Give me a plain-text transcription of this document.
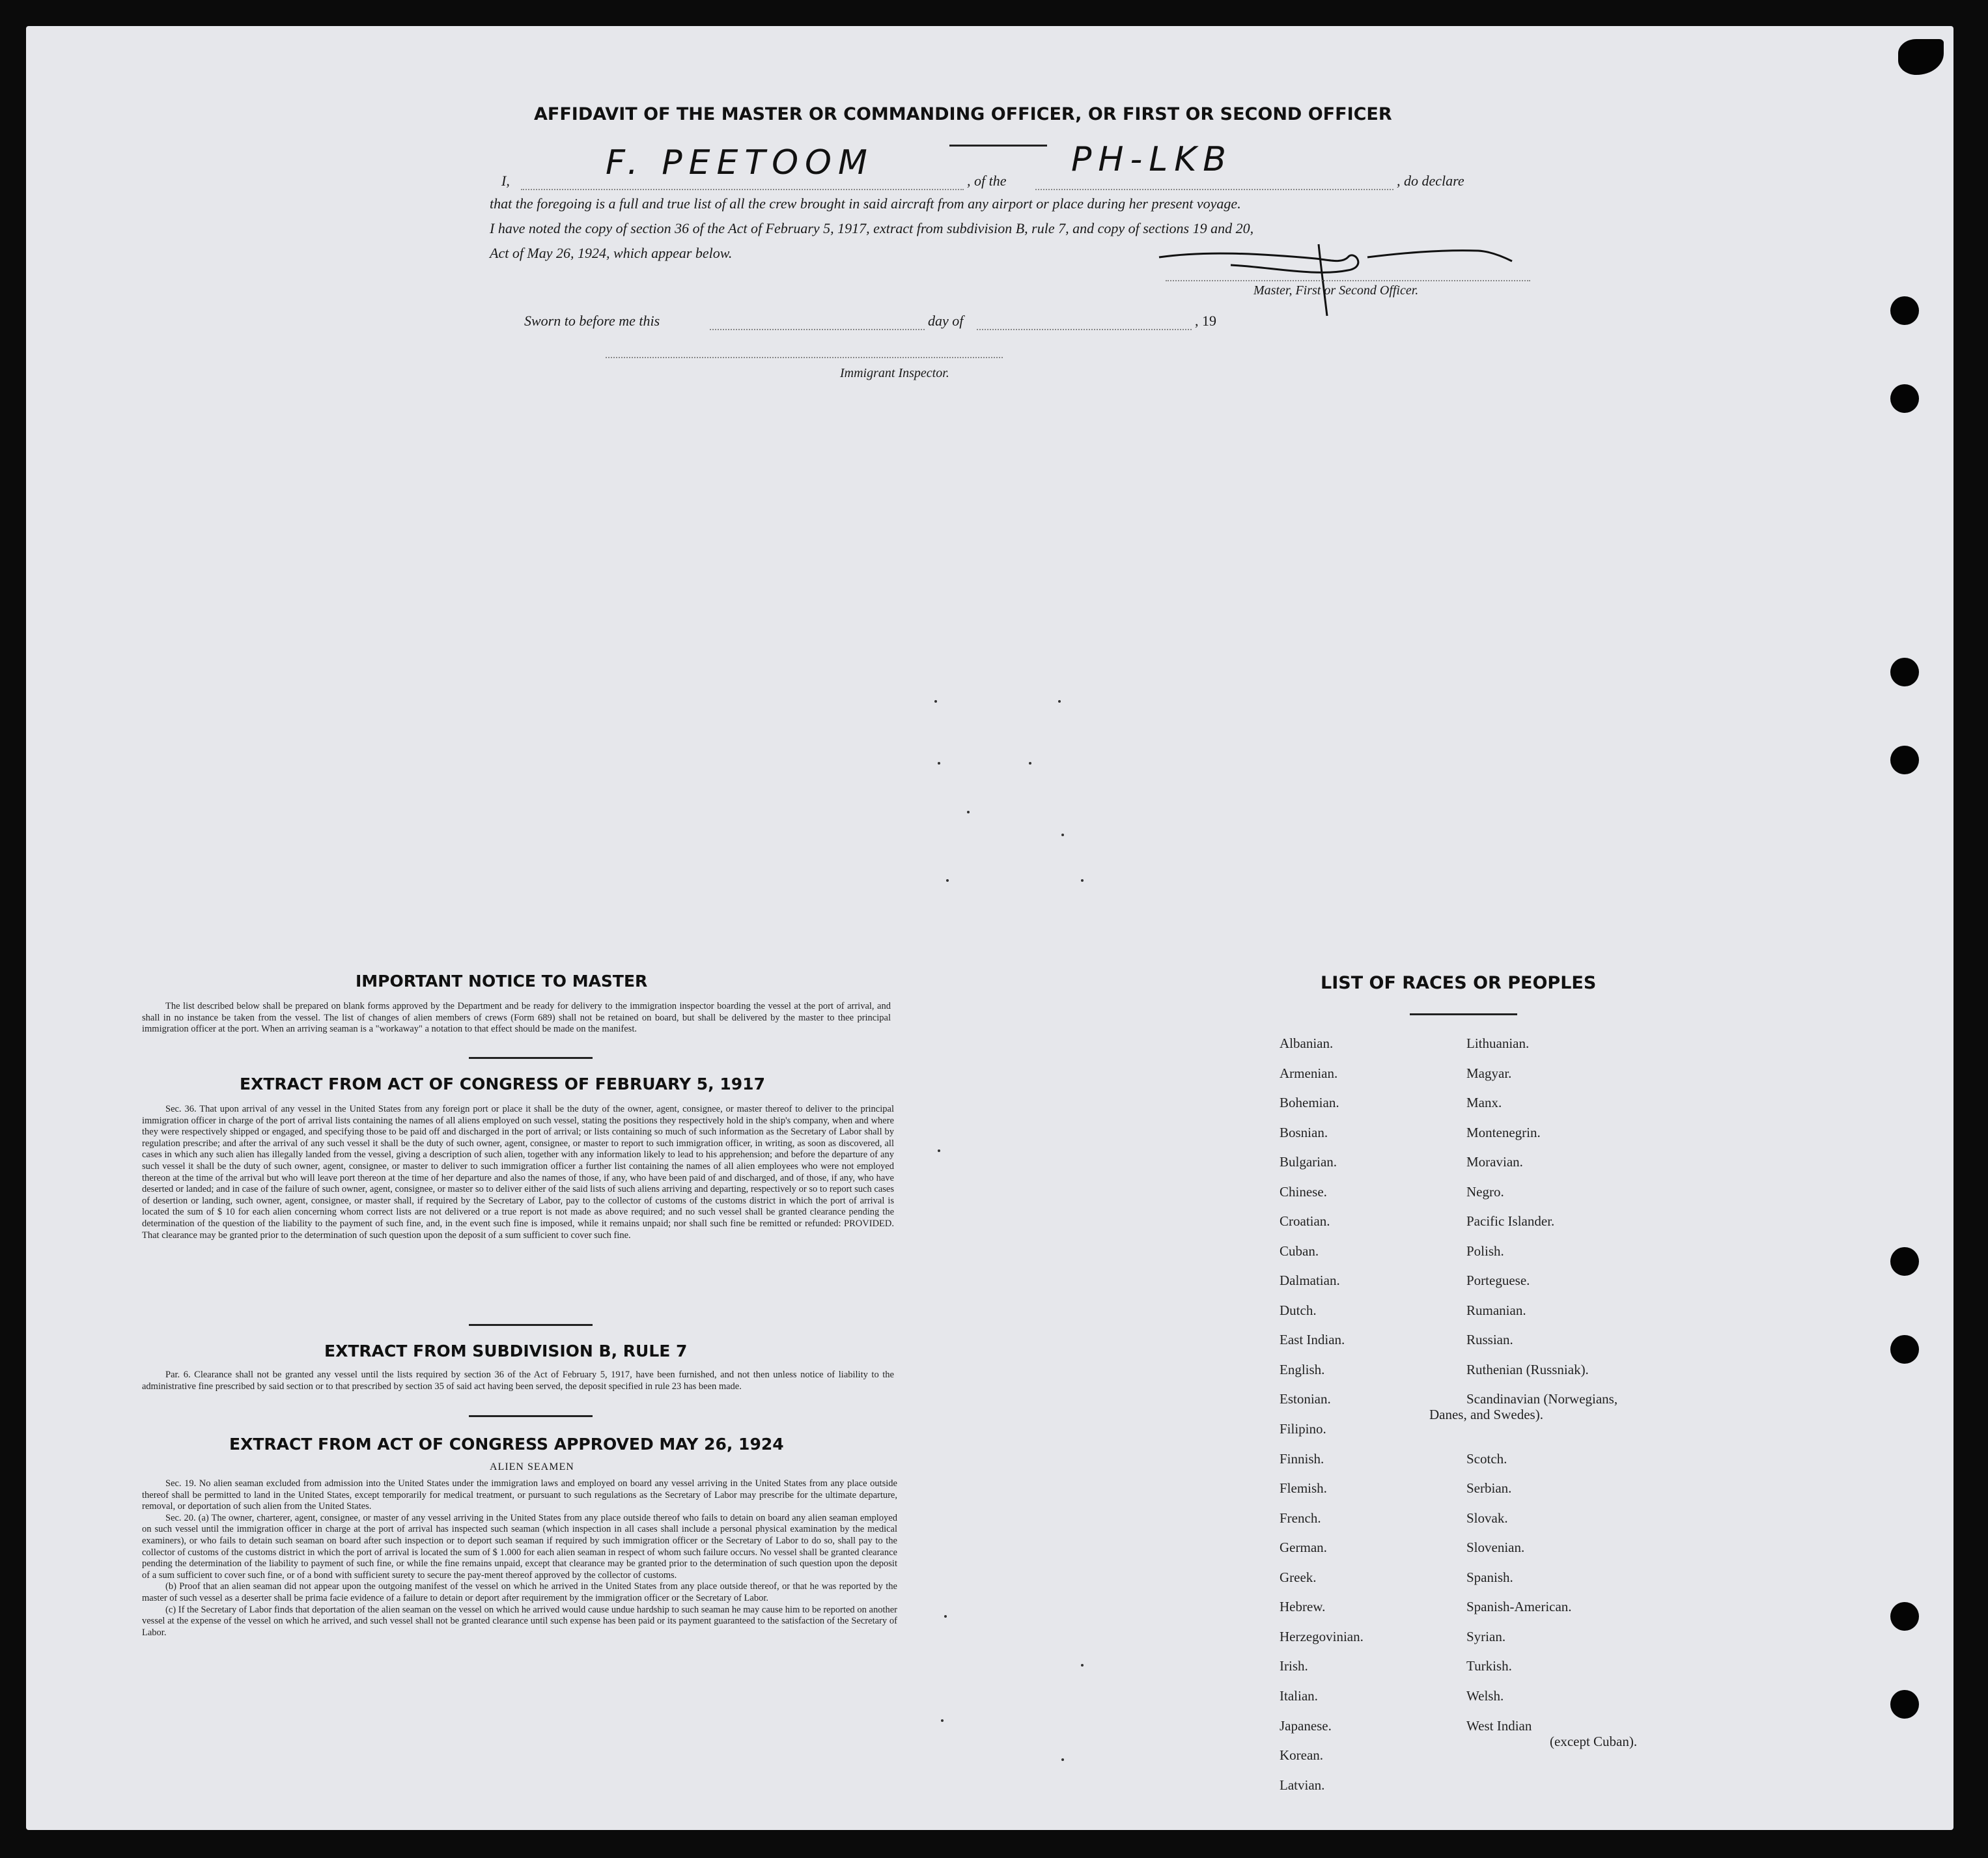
AFFIDAVIT OF THE MASTER OR COMMANDING OFFICER, OR FIRST OR SECOND OFFICER
I,	F. PEETOOM	, of the
PH-LKB
, do declare
that the foregoing is a full and true list of all the crew brought in said aircraft from any airport or place during her present voyage.
I have noted the copy of section 36 of the Act of February 5, 1917, extract from subdivision B, rule 7, and copy of sections 19 and 20,
Act of May 26, 1924, which appear below.
Master, First or Second Officer.
Sworn to before me this	day of	, 19
Immigrant Inspector.
IMPORTANT NOTICE TO MASTER

The list described below shall be prepared on blank forms approved by the Department and be ready for delivery to the immigration inspector boarding the vessel at the port of arrival, and shall in no instance be taken from the vessel. The list of changes of alien members of crews (Form 689) shall not be retained on board, but shall be delivered by the master to thee principal immigration officer at the port. When an arriving seaman is a "workaway" a notation to that effect should be made on the manifest.

EXTRACT FROM ACT OF CONGRESS OF FEBRUARY 5, 1917

Sec. 36. That upon arrival of any vessel in the United States from any foreign port or place it shall be the duty of the owner, agent, consignee, or master thereof to deliver to the principal immigration officer in charge of the port of arrival lists containing the names of all aliens employed on such vessel, stating the positions they respectively hold in the ship's company, when and where they were respectively shipped or engaged, and specifying those to be paid off and discharged in the port of arrival; or lists containing so much of such information as the Secretary of Labor shall by regulation prescribe; and after the arrival of any such vessel it shall be the duty of such owner, agent, consignee, or master to report to such immigration officer, in writing, as soon as discovered, all cases in which any such alien has illegally landed from the vessel, giving a description of such alien, together with any information likely to lead to his apprehension; and before the departure of any such vessel it shall be the duty of such owner, agent, consignee, or master to deliver to such immigration officer a further list containing the names of all alien employees who were not employed thereon at the time of the arrival but who will leave port thereon at the time of her departure and also the names of those, if any, who have been paid of and discharged, and of those, if any, who have deserted or landed; and in case of the failure of such owner, agent, consignee, or master so to deliver either of the said lists of such aliens arriving and departing, respectively or so to report such cases of desertion or landing, such owner, agent, consignee, or master shall, if required by the Secretary of Labor, pay to the collector of customs of the customs district in which the port of arrival is located the sum of $ 10 for each alien concerning whom correct lists are not delivered or a true report is not made as above required; and no such vessel shall be granted clearance pending the determination of the question of the liability to the payment of such fine, and, in the event such fine is imposed, while it remains unpaid; nor shall such fine be remitted or refunded: PROVIDED. That clearance may be granted prior to the determination of such question upon the deposit of a sum sufficient to cover such fine.

EXTRACT FROM SUBDIVISION B, RULE 7

Par. 6. Clearance shall not be granted any vessel until the lists required by section 36 of the Act of February 5, 1917, have been furnished, and not then unless notice of liability to the administrative fine prescribed by said section or to that prescribed by section 35 of said act having been served, the deposit specified in rule 23 has been made.

EXTRACT FROM ACT OF CONGRESS APPROVED MAY 26, 1924
ALIEN SEAMEN

Sec. 19. No alien seaman excluded from admission into the United States under the immigration laws and employed on board any vessel arriving in the United States from any place outside thereof shall be permitted to land in the United States, except temporarily for medical treatment, or pursuant to such regulations as the Secretary of Labor may prescribe for the ultimate departure, removal, or deportation of such alien from the United States.

Sec. 20. (a) The owner, charterer, agent, consignee, or master of any vessel arriving in the United States from any place outside thereof who fails to detain on board any alien seaman employed on such vessel until the immigration officer in charge at the port of arrival has inspected such seaman (which inspection in all cases shall include a personal physical examination by the medical examiners), or who fails to detain such seaman on board after such inspection or to deport such seaman if required by such immigration officer or the Secretary of Labor to do so, shall pay to the collector of customs of the customs district in which the port of arrival is located the sum of $ 1.000 for each alien seaman in respect of whom such failure occurs. No vessel shall be granted clearance pending the determination of the liability to payment of such fine, or while the fine remains unpaid, except that clearance may be granted prior to the determination of such question upon the deposit of a sum sufficient to cover such fine, or of a bond with sufficient surety to secure the pay-ment thereof approved by the collector of customs.

(b) Proof that an alien seaman did not appear upon the outgoing manifest of the vessel on which he arrived in the United States from any place outside thereof, or that he was reported by the master of such vessel as a deserter shall be prima facie evidence of a failure to detain or deport after requirement by the immigration officer or the Secretary of Labor.

(c) If the Secretary of Labor finds that deportation of the alien seaman on the vessel on which he arrived would cause undue hardship to such seaman he may cause him to be reported on another vessel at the expense of the vessel on which he arrived, and such vessel shall not be granted clearance until such expense has been paid or its payment guaranteed to the satisfaction of the Secretary of Labor.

LIST OF RACES OR PEOPLES
Albanian.
Armenian.
Bohemian.
Bosnian.
Bulgarian.
Chinese.
Croatian.
Cuban.
Dalmatian.
Dutch.
East Indian.
English.
Estonian.
Filipino.
Finnish.
Flemish.
French.
German.
Greek.
Hebrew.
Herzegovinian.
Irish.
Italian.
Japanese.
Korean.
Latvian.
Lithuanian.
Magyar.
Manx.
Montenegrin.
Moravian.
Negro.
Pacific Islander.
Polish.
Porteguese.
Rumanian.
Russian.
Ruthenian (Russniak).
Scandinavian (Norwegians,
Danes, and Swedes).
Scotch.
Serbian.
Slovak.
Slovenian.
Spanish.
Spanish-American.
Syrian.
Turkish.
Welsh.
West Indian
(except Cuban).
